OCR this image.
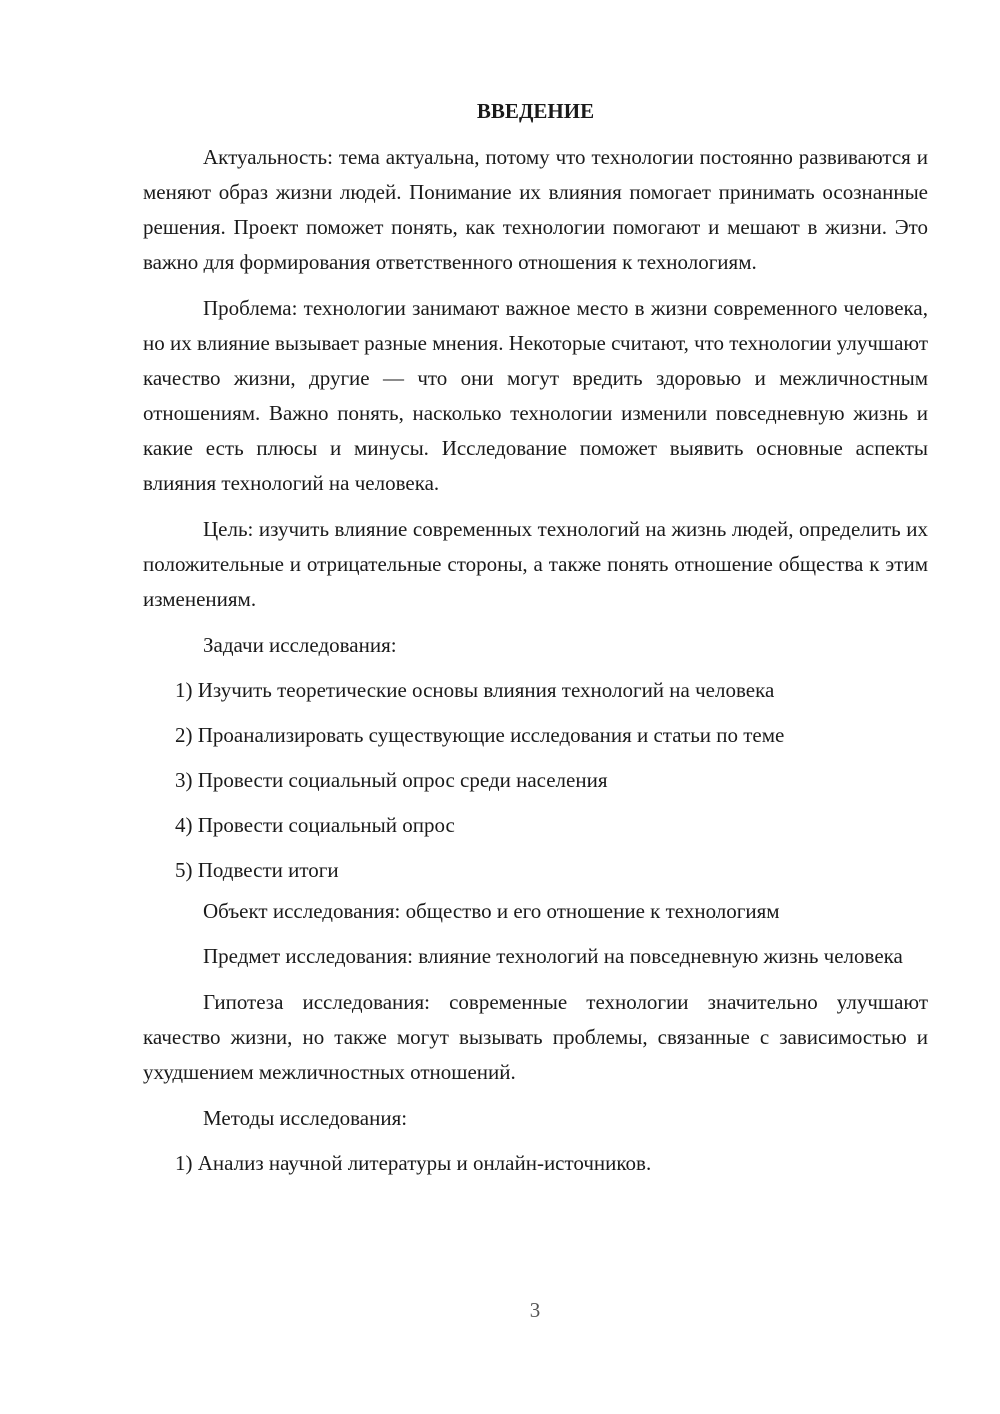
ВВЕДЕНИЕ
Актуальность: тема актуальна, потому что технологии постоянно развиваются и меняют образ жизни людей. Понимание их влияния помогает принимать осознанные решения. Проект поможет понять, как технологии помогают и мешают в жизни. Это важно для формирования ответственного отношения к технологиям.
Проблема: технологии занимают важное место в жизни современного человека, но их влияние вызывает разные мнения. Некоторые считают, что технологии улучшают качество жизни, другие — что они могут вредить здоровью и межличностным отношениям. Важно понять, насколько технологии изменили повседневную жизнь и какие есть плюсы и минусы. Исследование поможет выявить основные аспекты влияния технологий на человека.
Цель: изучить влияние современных технологий на жизнь людей, определить их положительные и отрицательные стороны, а также понять отношение общества к этим изменениям.
Задачи исследования:
1) Изучить теоретические основы влияния технологий на человека
2) Проанализировать существующие исследования и статьи по теме
3) Провести социальный опрос среди населения
4) Провести социальный опрос
5) Подвести итоги
Объект исследования: общество и его отношение к технологиям
Предмет исследования: влияние технологий на повседневную жизнь человека
Гипотеза исследования: современные технологии значительно улучшают качество жизни, но также могут вызывать проблемы, связанные с зависимостью и ухудшением межличностных отношений.
Методы исследования:
1) Анализ научной литературы и онлайн-источников.
3
